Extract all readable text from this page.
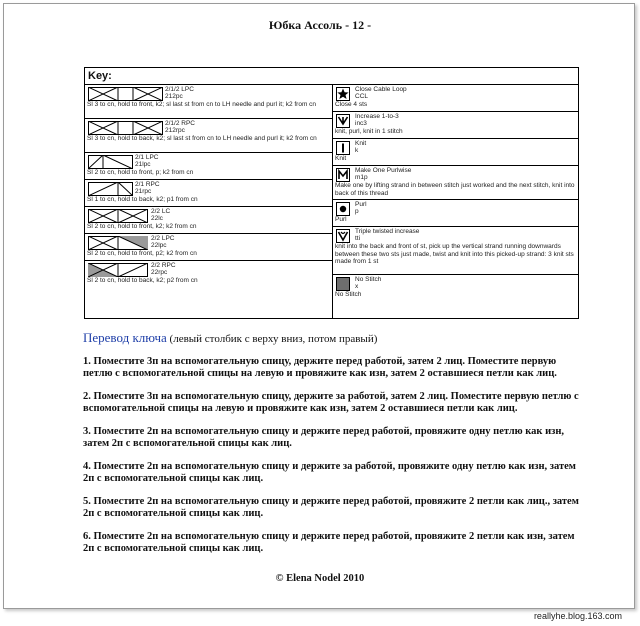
Юбка Ассоль - 12 -
Key:
2/1/2 LPC
212pc
Sl 3 to cn, hold to front, k2; sl last st from cn to LH needle and purl it; k2 from cn
2/1/2 RPC
212rpc
Sl 3 to cn, hold to back, k2; sl last st from cn to LH needle and purl it; k2 from cn
2/1 LPC
21lpc
Sl 2 to cn, hold to front, p; k2 from cn
2/1 RPC
21rpc
Sl 1 to cn, hold to back, k2; p1 from cn
2/2 LC
22lc
Sl 2 to cn, hold to front, k2; k2 from cn
2/2 LPC
22lpc
Sl 2 to cn, hold to front, p2; k2 from cn
2/2 RPC
22rpc
Sl 2 to cn, hold to back, k2; p2 from cn
Close Cable Loop
CCL
Close 4 sts
Increase 1-to-3
inc3
knit, purl, knit in 1 stitch
Knit
k
Knit
Make One Purlwise
m1p
Make one by lifting strand in between stitch just worked and the next stitch, knit into back of this thread
Purl
p
Purl
Triple twisted increase
tti
knit into the back and front of st, pick up the vertical strand running downwards between these two sts just made, twist and knit into this picked-up strand: 3 knit sts made from 1 st
No Stitch
x
No Stitch
Перевод ключа (левый столбик с верху вниз, потом правый)
1. Поместите 3п на вспомогательную спицу, держите перед работой, затем 2 лиц. Поместите первую петлю с вспомогательной спицы на левую и провяжите как изн, затем 2 оставшиеся петли как лиц.
2. Поместите 3п на вспомогательную спицу, держите за работой, затем 2 лиц. Поместите первую петлю с вспомогательной спицы на левую и провяжите как изн, затем 2 оставшиеся петли как лиц.
3. Поместите 2п на вспомогательную спицу и держите перед работой, провяжите одну петлю как изн, затем 2п с вспомогательной спицы как лиц.
4. Поместите 2п на вспомогательную спицу и держите за работой, провяжите одну петлю как изн, затем 2п с вспомогательной спицы как лиц.
5. Поместите 2п на вспомогательную спицу и держите перед работой, провяжите 2 петли как лиц., затем 2п с вспомогательной спицы как лиц.
6. Поместите 2п на вспомогательную спицу и держите перед работой, провяжите 2 петли как изн, затем 2п с вспомогательной спицы как лиц.
© Elena Nodel 2010
reallyhe.blog.163.com
